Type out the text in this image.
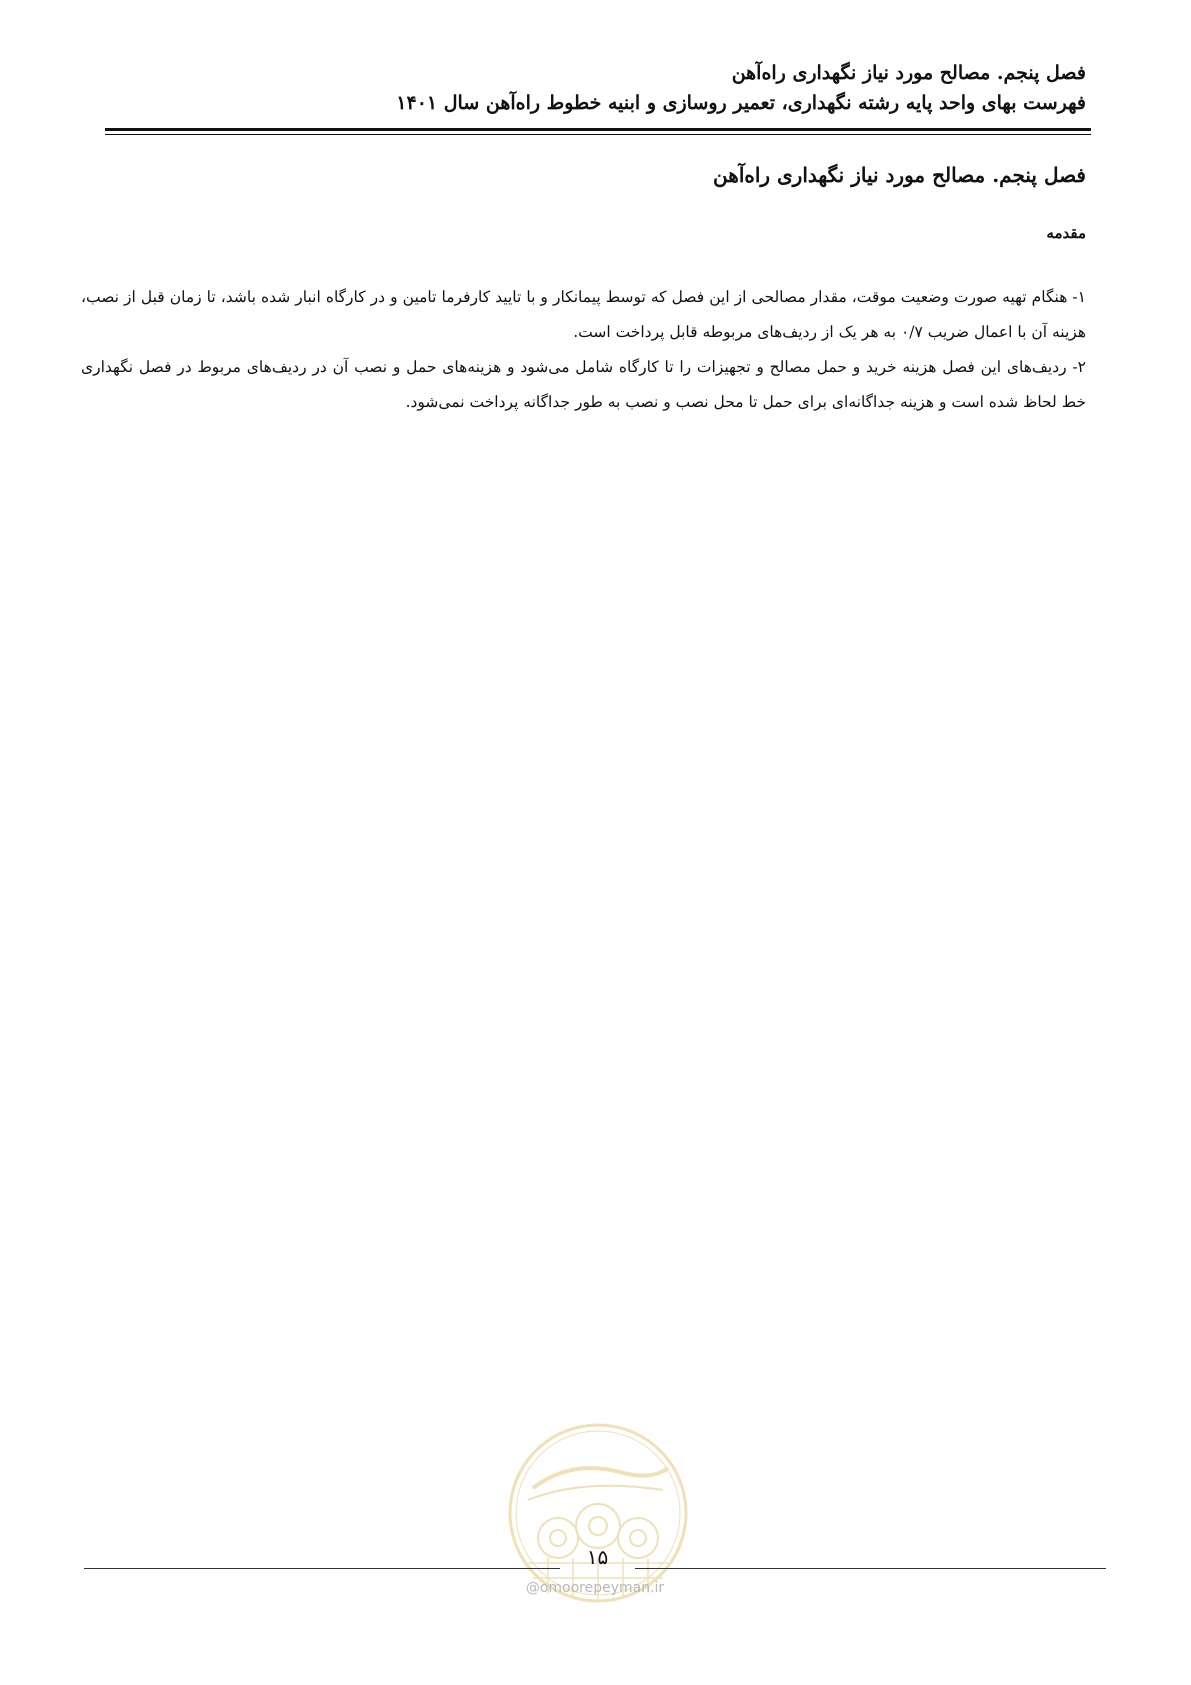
فصل پنجم. مصالح مورد نیاز نگهداری راه‌آهن
فهرست بهای واحد پایه رشته نگهداری، تعمیر روسازی و ابنیه خطوط راه‌آهن سال ۱۴۰۱
فصل پنجم. مصالح مورد نیاز نگهداری راه‌آهن
مقدمه

۱- هنگام تهیه صورت وضعیت موقت، مقدار مصالحی از این فصل که توسط پیمانکار و با تایید کارفرما تامین و در کارگاه انبار شده باشد، تا زمان قبل از نصب، هزینه آن با اعمال ضریب ۰/۷ به هر یک از ردیف‌های مربوطه قابل پرداخت است.

۲- ردیف‌های این فصل هزینه خرید و حمل مصالح و تجهیزات را تا کارگاه شامل می‌شود و هزینه‌های حمل و نصب آن در ردیف‌های مربوط در فصل نگهداری خط لحاظ شده است و هزینه جداگانه‌ای برای حمل تا محل نصب و نصب به طور جداگانه پرداخت نمی‌شود.

۱۵
@omoorepeyman.ir
